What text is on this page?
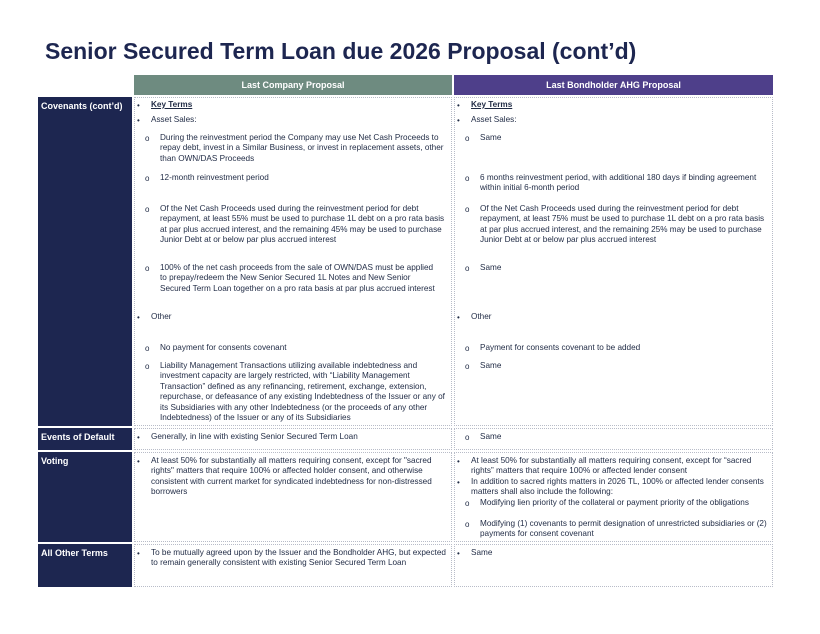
Senior Secured Term Loan due 2026 Proposal (cont’d)
Last Company Proposal	Last Bondholder AHG Proposal
Covenants (cont’d)
Events of Default
Voting
All Other Terms
• Key Terms
• Asset Sales:
o During the reinvestment period the Company may use Net Cash Proceeds to repay debt, invest in a Similar Business, or invest in replacement assets, other than OWN/DAS Proceeds
o 12-month reinvestment period
o Of the Net Cash Proceeds used during the reinvestment period for debt repayment, at least 55% must be used to purchase 1L debt on a pro rata basis at par plus accrued interest, and the remaining 45% may be used to purchase Junior Debt at or below par plus accrued interest
o 100% of the net cash proceeds from the sale of OWN/DAS must be applied to prepay/redeem the New Senior Secured 1L Notes and New Senior Secured Term Loan together on a pro rata basis at par plus accrued interest
• Other
o No payment for consents covenant
o Liability Management Transactions utilizing available indebtedness and investment capacity are largely restricted, with “Liability Management Transaction” defined as any refinancing, retirement, exchange, extension, repurchase, or defeasance of any existing Indebtedness of the Issuer or any of its Subsidiaries with any other Indebtedness (or the proceeds of any other Indebtedness) of the Issuer or any of its Subsidiaries
• Key Terms
• Asset Sales:
o Same
o 6 months reinvestment period, with additional 180 days if binding agreement within initial 6-month period
o Of the Net Cash Proceeds used during the reinvestment period for debt repayment, at least 75% must be used to purchase 1L debt on a pro rata basis at par plus accrued interest, and the remaining 25% may be used to purchase Junior Debt at or below par plus accrued interest
o Same
• Other
o Payment for consents covenant to be added
o Same
• Generally, in line with existing Senior Secured Term Loan	o Same
• At least 50% for substantially all matters requiring consent, except for "sacred rights" matters that require 100% or affected holder consent, and otherwise consistent with current market for syndicated indebtedness for non-distressed borrowers
• At least 50% for substantially all matters requiring consent, except for “sacred rights” matters that require 100% or affected lender consent
• In addition to sacred rights matters in 2026 TL, 100% or affected lender consents matters shall also include the following:
o Modifying lien priority of the collateral or payment priority of the obligations
o Modifying (1) covenants to permit designation of unrestricted subsidiaries or (2) payments for consent covenant
• To be mutually agreed upon by the Issuer and the Bondholder AHG, but expected to remain generally consistent with existing Senior Secured Term Loan
• Same
